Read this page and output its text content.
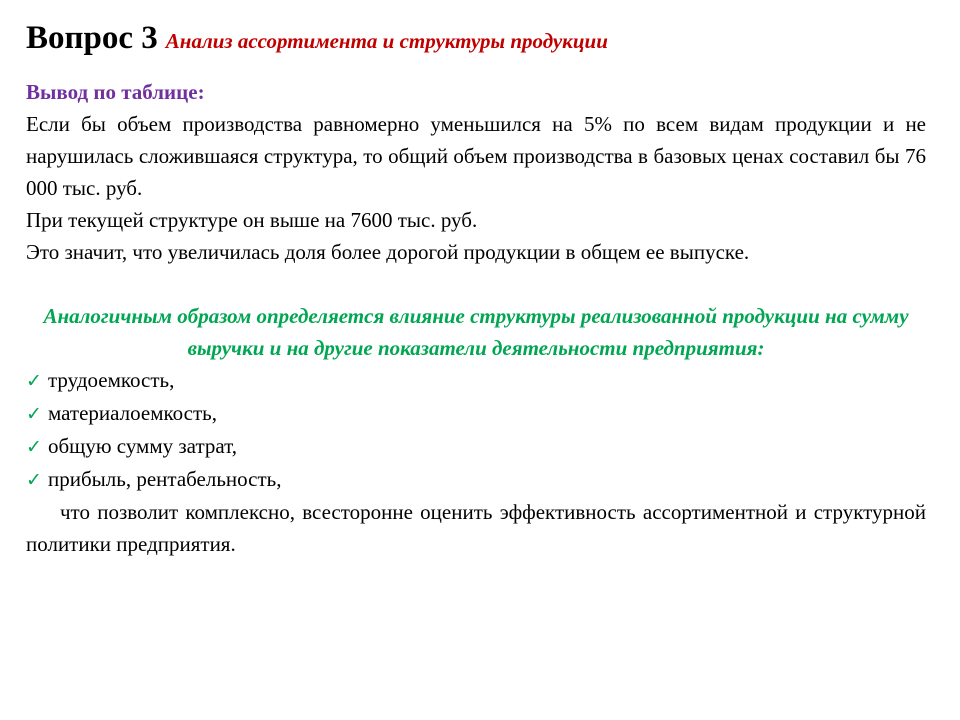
Вопрос 3 Анализ ассортимента и структуры продукции
Вывод по таблице:
Если бы объем производства равномерно уменьшился на 5% по всем видам продукции и не нарушилась сложившаяся структура, то общий объем производства в базовых ценах составил бы 76 000 тыс. руб.
При текущей структуре он выше на 7600 тыс. руб.
Это значит, что увеличилась доля более дорогой продукции в общем ее выпуске.
Аналогичным образом определяется влияние структуры реализованной продукции на сумму выручки и на другие показатели деятельности предприятия:
✓ трудоемкость,
✓ материалоемкость,
✓ общую сумму затрат,
✓ прибыль, рентабельность,
что позволит комплексно, всесторонне оценить эффективность ассортиментной и структурной политики предприятия.
